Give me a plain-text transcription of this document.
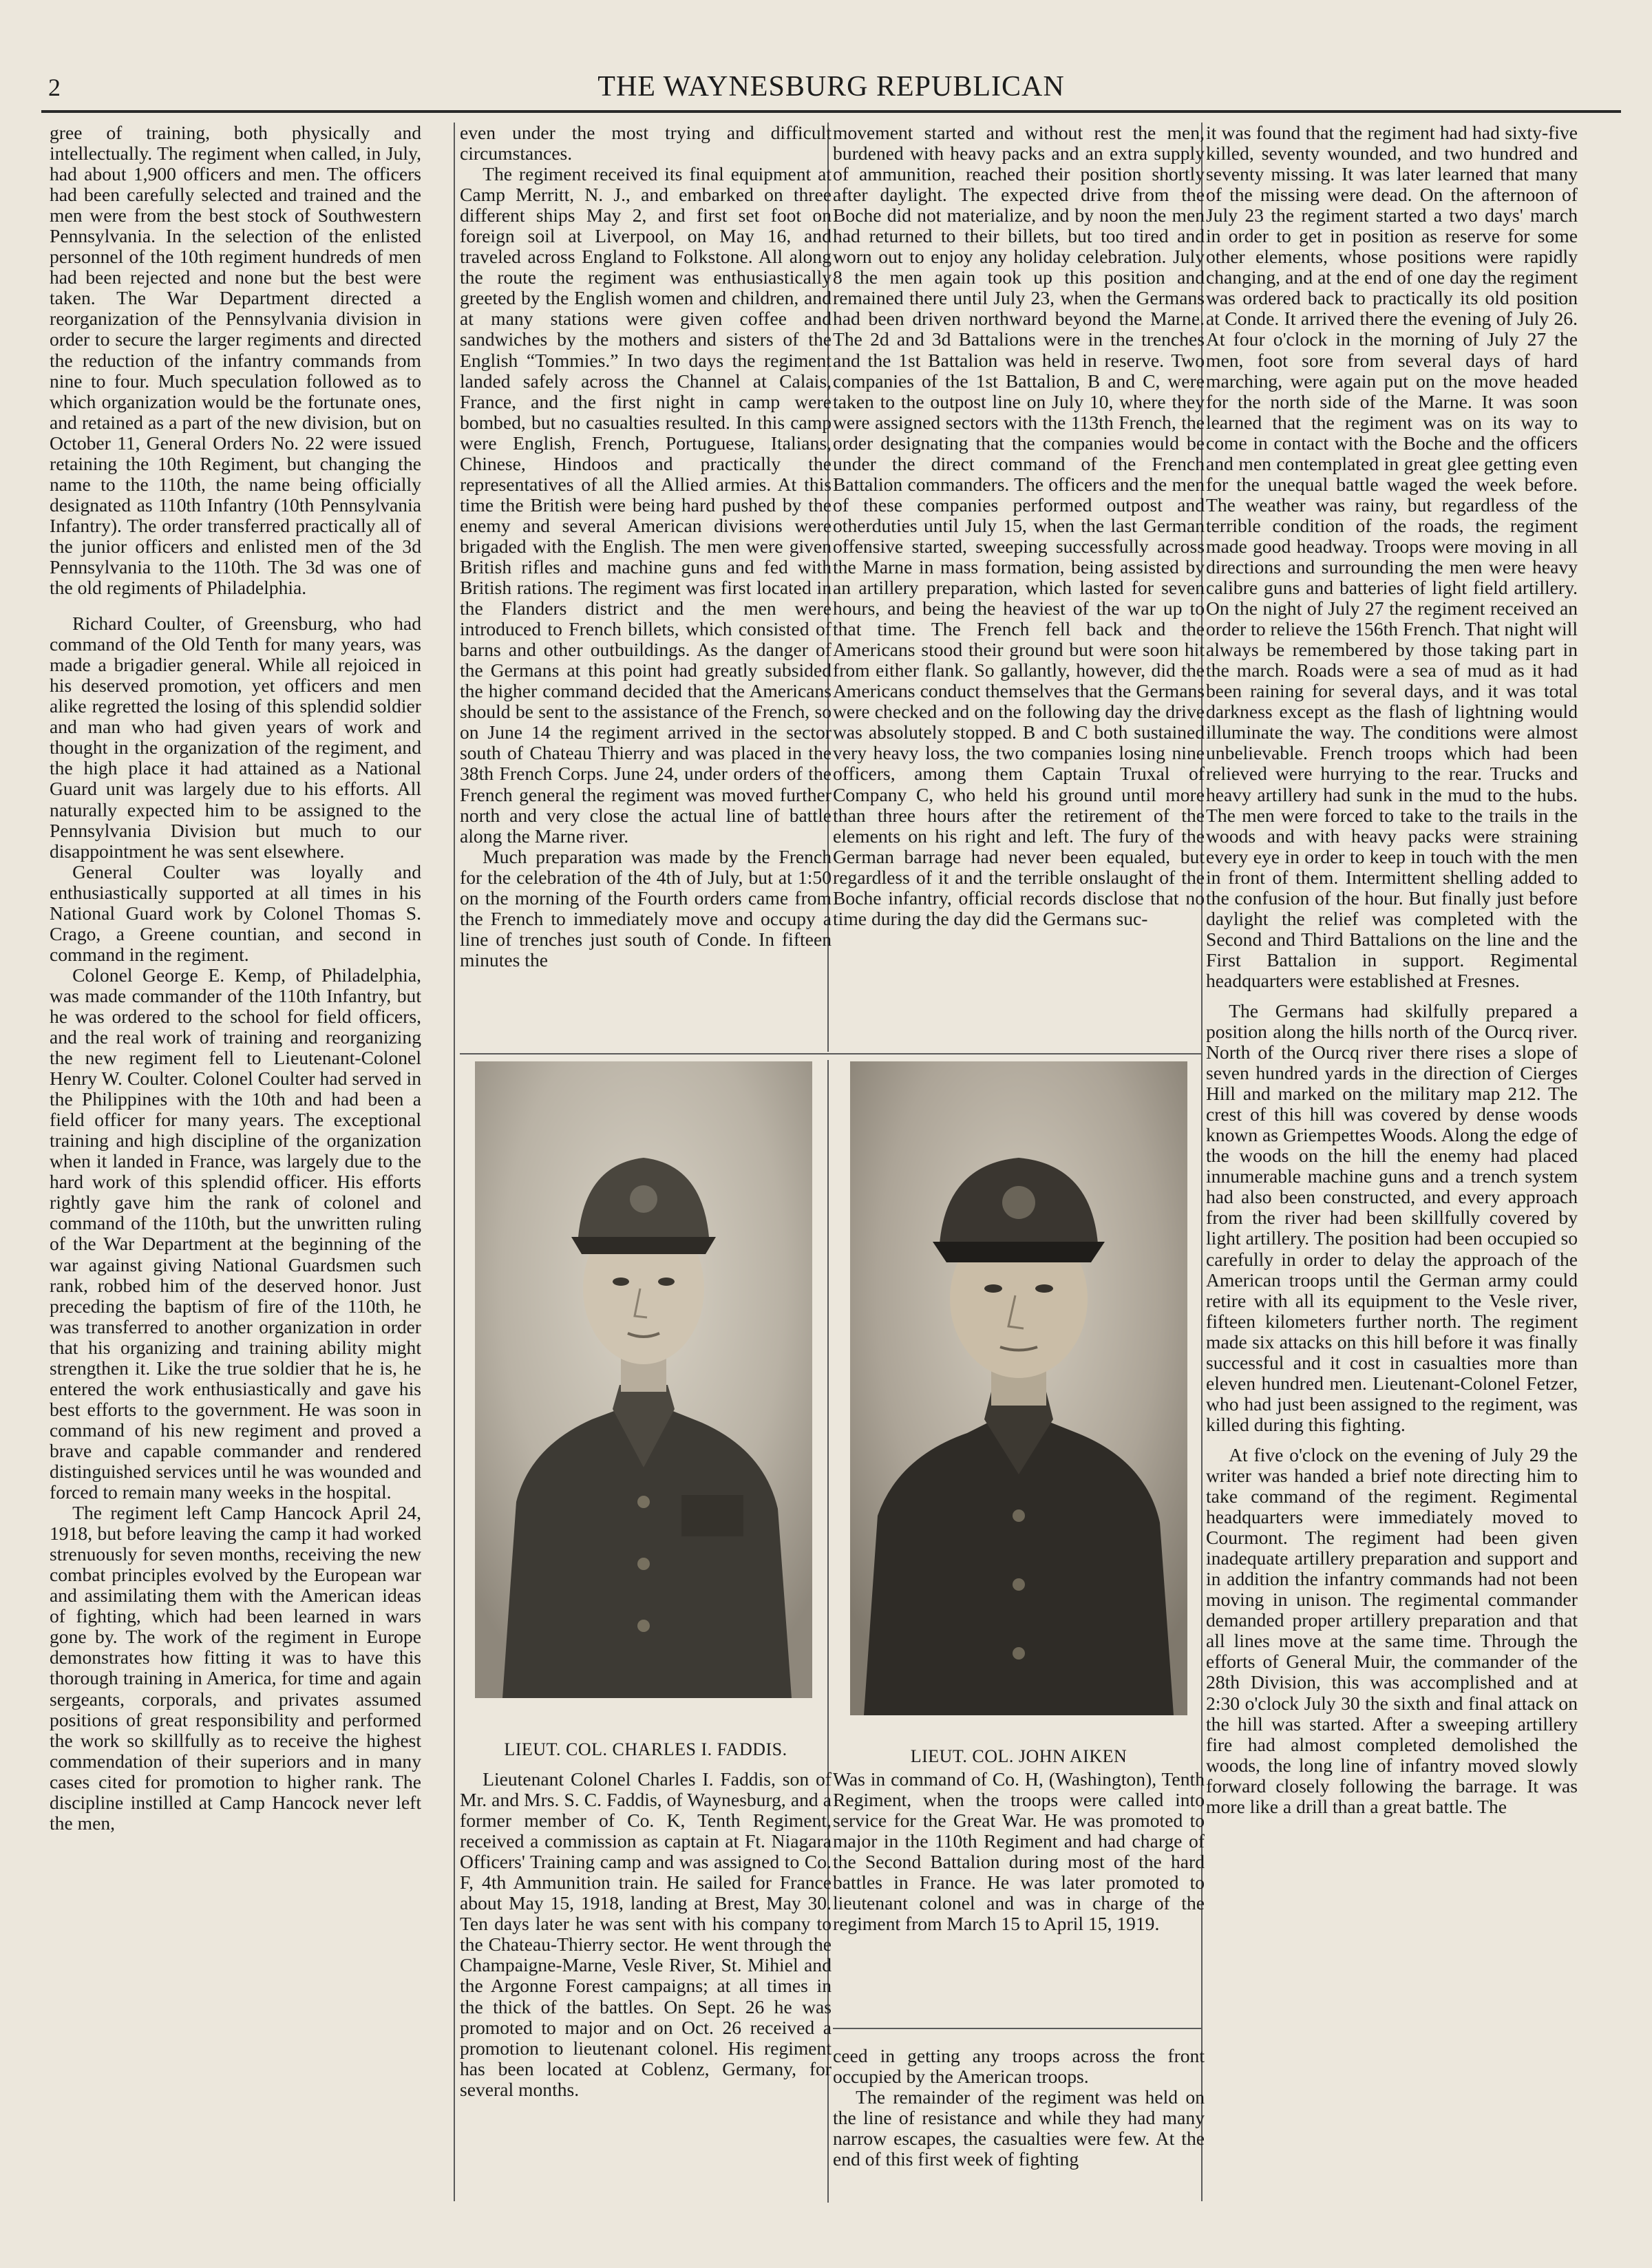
2	THE WAYNESBURG REPUBLICAN

gree of training, both physically and intellectually. The regiment when called, in July, had about 1,900 officers and men. The officers had been carefully selected and trained and the men were from the best stock of Southwestern Pennsylvania. In the selection of the enlisted personnel of the 10th regiment hundreds of men had been rejected and none but the best were taken. The War Department directed a reorganization of the Pennsylvania division in order to secure the larger regiments and directed the reduction of the infantry commands from nine to four. Much speculation followed as to which organization would be the fortunate ones, and retained as a part of the new division, but on October 11, General Orders No. 22 were issued retaining the 10th Regiment, but changing the name to the 110th, the name being officially designated as 110th Infantry (10th Pennsylvania Infantry). The order transferred practically all of the junior officers and enlisted men of the 3d Pennsylvania to the 110th. The 3d was one of the old regiments of Philadelphia.

Richard Coulter, of Greensburg, who had command of the Old Tenth for many years, was made a brigadier general. While all rejoiced in his deserved promotion, yet officers and men alike regretted the losing of this splendid soldier and man who had given years of work and thought in the organization of the regiment, and the high place it had attained as a National Guard unit was largely due to his efforts. All naturally expected him to be assigned to the Pennsylvania Division but much to our disappointment he was sent elsewhere.

General Coulter was loyally and enthusiastically supported at all times in his National Guard work by Colonel Thomas S. Crago, a Greene countian, and second in command in the regiment.

Colonel George E. Kemp, of Philadelphia, was made commander of the 110th Infantry, but he was ordered to the school for field officers, and the real work of training and reorganizing the new regiment fell to Lieutenant-Colonel Henry W. Coulter. Colonel Coulter had served in the Philippines with the 10th and had been a field officer for many years. The exceptional training and high discipline of the organization when it landed in France, was largely due to the hard work of this splendid officer. His efforts rightly gave him the rank of colonel and command of the 110th, but the unwritten ruling of the War Department at the beginning of the war against giving National Guardsmen such rank, robbed him of the deserved honor. Just preceding the baptism of fire of the 110th, he was transferred to another organization in order that his organizing and training ability might strengthen it. Like the true soldier that he is, he entered the work enthusiastically and gave his best efforts to the government. He was soon in command of his new regiment and proved a brave and capable commander and rendered distinguished services until he was wounded and forced to remain many weeks in the hospital.

The regiment left Camp Hancock April 24, 1918, but before leaving the camp it had worked strenuously for seven months, receiving the new combat principles evolved by the European war and assimilating them with the American ideas of fighting, which had been learned in wars gone by. The work of the regiment in Europe demonstrates how fitting it was to have this thorough training in America, for time and again sergeants, corporals, and privates assumed positions of great responsibility and performed the work so skillfully as to receive the highest commendation of their superiors and in many cases cited for promotion to higher rank. The discipline instilled at Camp Hancock never left the men,

even under the most trying and difficult circumstances.

The regiment received its final equipment at Camp Merritt, N. J., and embarked on three different ships May 2, and first set foot on foreign soil at Liverpool, on May 16, and traveled across England to Folkstone. All along the route the regiment was enthusiastically greeted by the English women and children, and at many stations were given coffee and sandwiches by the mothers and sisters of the English “Tommies.” In two days the regiment landed safely across the Channel at Calais, France, and the first night in camp were bombed, but no casualties resulted. In this camp were English, French, Portuguese, Italians, Chinese, Hindoos and practically the representatives of all the Allied armies. At this time the British were being hard pushed by the enemy and several American divisions were brigaded with the English. The men were given British rifles and machine guns and fed with British rations. The regiment was first located in the Flanders district and the men were introduced to French billets, which consisted of barns and other outbuildings. As the danger of the Germans at this point had greatly subsided the higher command decided that the Americans should be sent to the assistance of the French, so on June 14 the regiment arrived in the sector south of Chateau Thierry and was placed in the 38th French Corps. June 24, under orders of the French general the regiment was moved further north and very close the actual line of battle along the Marne river.

Much preparation was made by the French for the celebration of the 4th of July, but at 1:50 on the morning of the Fourth orders came from the French to immediately move and occupy a line of trenches just south of Conde. In fifteen minutes the

movement started and without rest the men, burdened with heavy packs and an extra supply of ammunition, reached their position shortly after daylight. The expected drive from the Boche did not materialize, and by noon the men had returned to their billets, but too tired and worn out to enjoy any holiday celebration. July 8 the men again took up this position and remained there until July 23, when the Germans had been driven northward beyond the Marne. The 2d and 3d Battalions were in the trenches and the 1st Battalion was held in reserve. Two companies of the 1st Battalion, B and C, were taken to the outpost line on July 10, where they were assigned sectors with the 113th French, the order designating that the companies would be under the direct command of the French Battalion commanders. The officers and the men of these companies performed outpost and otherduties until July 15, when the last German offensive started, sweeping successfully across the Marne in mass formation, being assisted by an artillery preparation, which lasted for seven hours, and being the heaviest of the war up to that time. The French fell back and the Americans stood their ground but were soon hit from either flank. So gallantly, however, did the Americans conduct themselves that the Germans were checked and on the following day the drive was absolutely stopped. B and C both sustained very heavy loss, the two companies losing nine officers, among them Captain Truxal of Company C, who held his ground until more than three hours after the retirement of the elements on his right and left. The fury of the German barrage had never been equaled, but regardless of it and the terrible onslaught of the Boche infantry, official records disclose that no time during the day did the Germans suc-

it was found that the regiment had had sixty-five killed, seventy wounded, and two hundred and seventy missing. It was later learned that many of the missing were dead. On the afternoon of July 23 the regiment started a two days' march in order to get in position as reserve for some other elements, whose positions were rapidly changing, and at the end of one day the regiment was ordered back to practically its old position at Conde. It arrived there the evening of July 26. At four o'clock in the morning of July 27 the men, foot sore from several days of hard marching, were again put on the move headed for the north side of the Marne. It was soon learned that the regiment was on its way to come in contact with the Boche and the officers and men contemplated in great glee getting even for the unequal battle waged the week before. The weather was rainy, but regardless of the terrible condition of the roads, the regiment made good headway. Troops were moving in all directions and surrounding the men were heavy calibre guns and batteries of light field artillery. On the night of July 27 the regiment received an order to relieve the 156th French. That night will always be remembered by those taking part in the march. Roads were a sea of mud as it had been raining for several days, and it was total darkness except as the flash of lightning would illuminate the way. The conditions were almost unbelievable. French troops which had been relieved were hurrying to the rear. Trucks and heavy artillery had sunk in the mud to the hubs. The men were forced to take to the trails in the woods and with heavy packs were straining every eye in order to keep in touch with the men in front of them. Intermittent shelling added to the confusion of the hour. But finally just before daylight the relief was completed with the Second and Third Battalions on the line and the First Battalion in support. Regimental headquarters were established at Fresnes.

The Germans had skilfully prepared a position along the hills north of the Ourcq river. North of the Ourcq river there rises a slope of seven hundred yards in the direction of Cierges Hill and marked on the military map 212. The crest of this hill was covered by dense woods known as Griempettes Woods. Along the edge of the woods on the hill the enemy had placed innumerable machine guns and a trench system had also been constructed, and every approach from the river had been skillfully covered by light artillery. The position had been occupied so carefully in order to delay the approach of the American troops until the German army could retire with all its equipment to the Vesle river, fifteen kilometers further north. The regiment made six attacks on this hill before it was finally successful and it cost in casualties more than eleven hundred men. Lieutenant-Colonel Fetzer, who had just been assigned to the regiment, was killed during this fighting.

At five o'clock on the evening of July 29 the writer was handed a brief note directing him to take command of the regiment. Regimental headquarters were immediately moved to Courmont. The regiment had been given inadequate artillery preparation and support and in addition the infantry commands had not been moving in unison. The regimental commander demanded proper artillery preparation and that all lines move at the same time. Through the efforts of General Muir, the commander of the 28th Division, this was accomplished and at 2:30 o'clock July 30 the sixth and final attack on the hill was started. After a sweeping artillery fire had almost completed demolished the woods, the long line of infantry moved slowly forward closely following the barrage. It was more like a drill than a great battle. The

LIEUT. COL. CHARLES I. FADDIS.	LIEUT. COL. JOHN AIKEN

Lieutenant Colonel Charles I. Faddis, son of Mr. and Mrs. S. C. Faddis, of Waynesburg, and a former member of Co. K, Tenth Regiment, received a commission as captain at Ft. Niagara Officers' Training camp and was assigned to Co. F, 4th Ammunition train. He sailed for France about May 15, 1918, landing at Brest, May 30. Ten days later he was sent with his company to the Chateau-Thierry sector. He went through the Champaigne-Marne, Vesle River, St. Mihiel and the Argonne Forest campaigns; at all times in the thick of the battles. On Sept. 26 he was promoted to major and on Oct. 26 received a promotion to lieutenant colonel. His regiment has been located at Coblenz, Germany, for several months.

Was in command of Co. H, (Washington), Tenth Regiment, when the troops were called into service for the Great War. He was promoted to major in the 110th Regiment and had charge of the Second Battalion during most of the hard battles in France. He was later promoted to lieutenant colonel and was in charge of the regiment from March 15 to April 15, 1919.

ceed in getting any troops across the front occupied by the American troops.

The remainder of the regiment was held on the line of resistance and while they had many narrow escapes, the casualties were few. At the end of this first week of fighting
